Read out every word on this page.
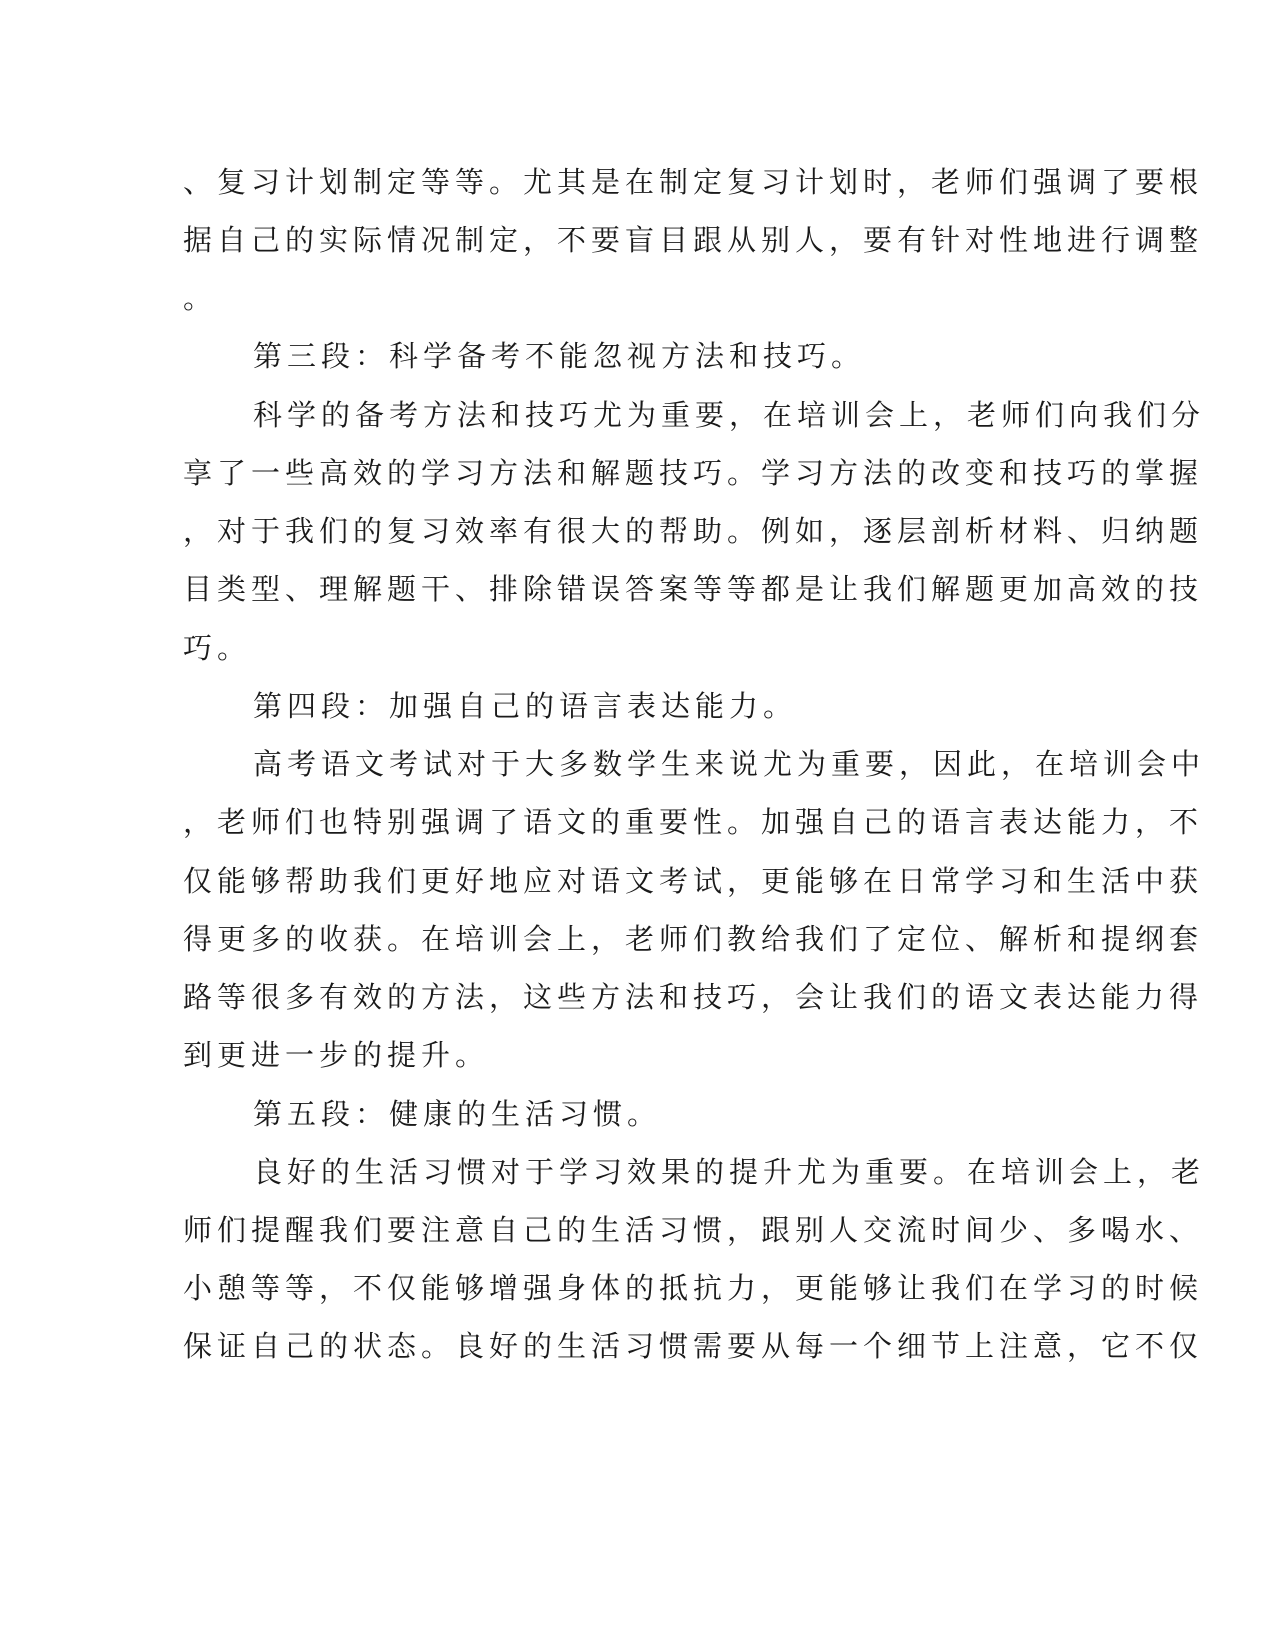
、复习计划制定等等。尤其是在制定复习计划时，老师们强调了要根
据自己的实际情况制定，不要盲目跟从别人，要有针对性地进行调整
。
第三段：科学备考不能忽视方法和技巧。
科学的备考方法和技巧尤为重要，在培训会上，老师们向我们分
享了一些高效的学习方法和解题技巧。学习方法的改变和技巧的掌握
，对于我们的复习效率有很大的帮助。例如，逐层剖析材料、归纳题
目类型、理解题干、排除错误答案等等都是让我们解题更加高效的技
巧。
第四段：加强自己的语言表达能力。
高考语文考试对于大多数学生来说尤为重要，因此，在培训会中
，老师们也特别强调了语文的重要性。加强自己的语言表达能力，不
仅能够帮助我们更好地应对语文考试，更能够在日常学习和生活中获
得更多的收获。在培训会上，老师们教给我们了定位、解析和提纲套
路等很多有效的方法，这些方法和技巧，会让我们的语文表达能力得
到更进一步的提升。
第五段：健康的生活习惯。
良好的生活习惯对于学习效果的提升尤为重要。在培训会上，老
师们提醒我们要注意自己的生活习惯，跟别人交流时间少、多喝水、
小憩等等，不仅能够增强身体的抵抗力，更能够让我们在学习的时候
保证自己的状态。良好的生活习惯需要从每一个细节上注意，它不仅
